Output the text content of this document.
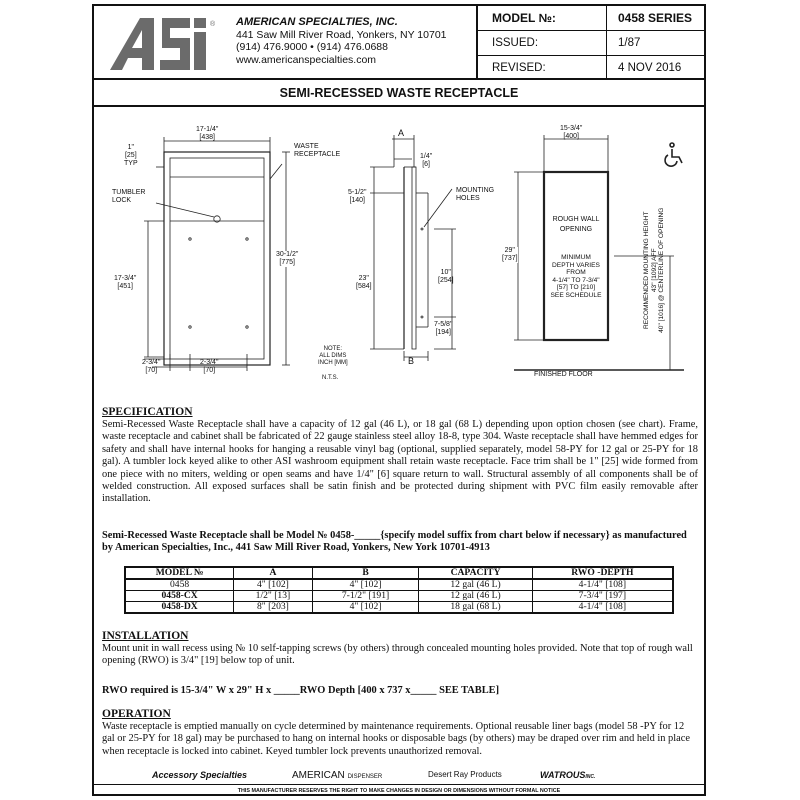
® AMERICAN SPECIALTIES, INC.
441 Saw Mill River Road, Yonkers, NY 10701
(914) 476.9000 • (914) 476.0688
www.americanspecialties.com
MODEL №:	0458 SERIES
ISSUED:	1/87
REVISED:	4 NOV 2016
SEMI-RECESSED WASTE RECEPTACLE
17-1/4"
[438]
1"
[25]
TYP
WASTE
RECEPTACLE
TUMBLER
LOCK
30-1/2"
[775]
17-3/4"
[451]
2-3/4"
[70]
2-3/4"
[70]
A
1/4"
[6]
5-1/2"
[140]
MOUNTING
HOLES
23"
[584]
10"
[254]
7-5/8"
[194]
B
NOTE:
ALL DIMS
INCH [MM]
N.T.S.
15-3/4"
[400]
29"
[737]
ROUGH WALL
OPENING
MINIMUM
DEPTH VARIES
FROM
4-1/4" TO 7-3/4"
[57] TO [210]
SEE SCHEDULE
FINISHED FLOOR
RECOMMENDED MOUNTING HEIGHT 43" [1092] AFF 40" [1016] @ CENTERLINE OF OPENING
SPECIFICATION
Semi-Recessed Waste Receptacle shall have a capacity of 12 gal (46 L), or 18 gal (68 L) depending upon option chosen (see chart). Frame, waste receptacle and cabinet shall be fabricated of 22 gauge stainless steel alloy 18-8, type 304. Waste receptacle shall have hemmed edges for safety and shall have internal hooks for hanging a reusable vinyl bag (optional, supplied separately, model 58-PY for 12 gal or 25-PY for 18 gal). A tumbler lock keyed alike to other ASI washroom equipment shall retain waste receptacle. Face trim shall be 1" [25] wide formed from one piece with no miters, welding or open seams and have 1/4" [6] square return to wall. Structural assembly of all components shall be of welded construction. All exposed surfaces shall be satin finish and be protected during shipment with PVC film easily removable after installation.
Semi-Recessed Waste Receptacle shall be Model № 0458-_____{specify model suffix from chart below if necessary} as manufactured by American Specialties, Inc., 441 Saw Mill River Road, Yonkers, New York 10701-4913
MODEL №	A	B	CAPACITY	RWO -DEPTH
0458	4" [102]	4" [102]	12 gal (46 L)	4-1/4" [108]
0458-CX	1/2" [13]	7-1/2" [191]	12 gal (46 L)	7-3/4" [197]
0458-DX	8" [203]	4" [102]	18 gal (68 L)	4-1/4" [108]
INSTALLATION
Mount unit in wall recess using № 10 self-tapping screws (by others) through concealed mounting holes provided. Note that top of rough wall opening (RWO) is 3/4" [19] below top of unit.
RWO required is 15-3/4" W x 29" H x _____RWO Depth [400 x 737 x_____ SEE TABLE]
OPERATION
Waste receptacle is emptied manually on cycle determined by maintenance requirements. Optional reusable liner bags (model 58 -PY for 12 gal or 25-PY for 18 gal) may be purchased to hang on internal hooks or disposable bags (by others) may be draped over rim and held in place when receptacle is locked into cabinet. Keyed tumbler lock prevents unauthorized removal.
Accessory Specialties	AMERICAN DISPENSER	Desert Ray Products	WATROUSINC.
THIS MANUFACTURER RESERVES THE RIGHT TO MAKE CHANGES IN DESIGN OR DIMENSIONS WITHOUT FORMAL NOTICE
